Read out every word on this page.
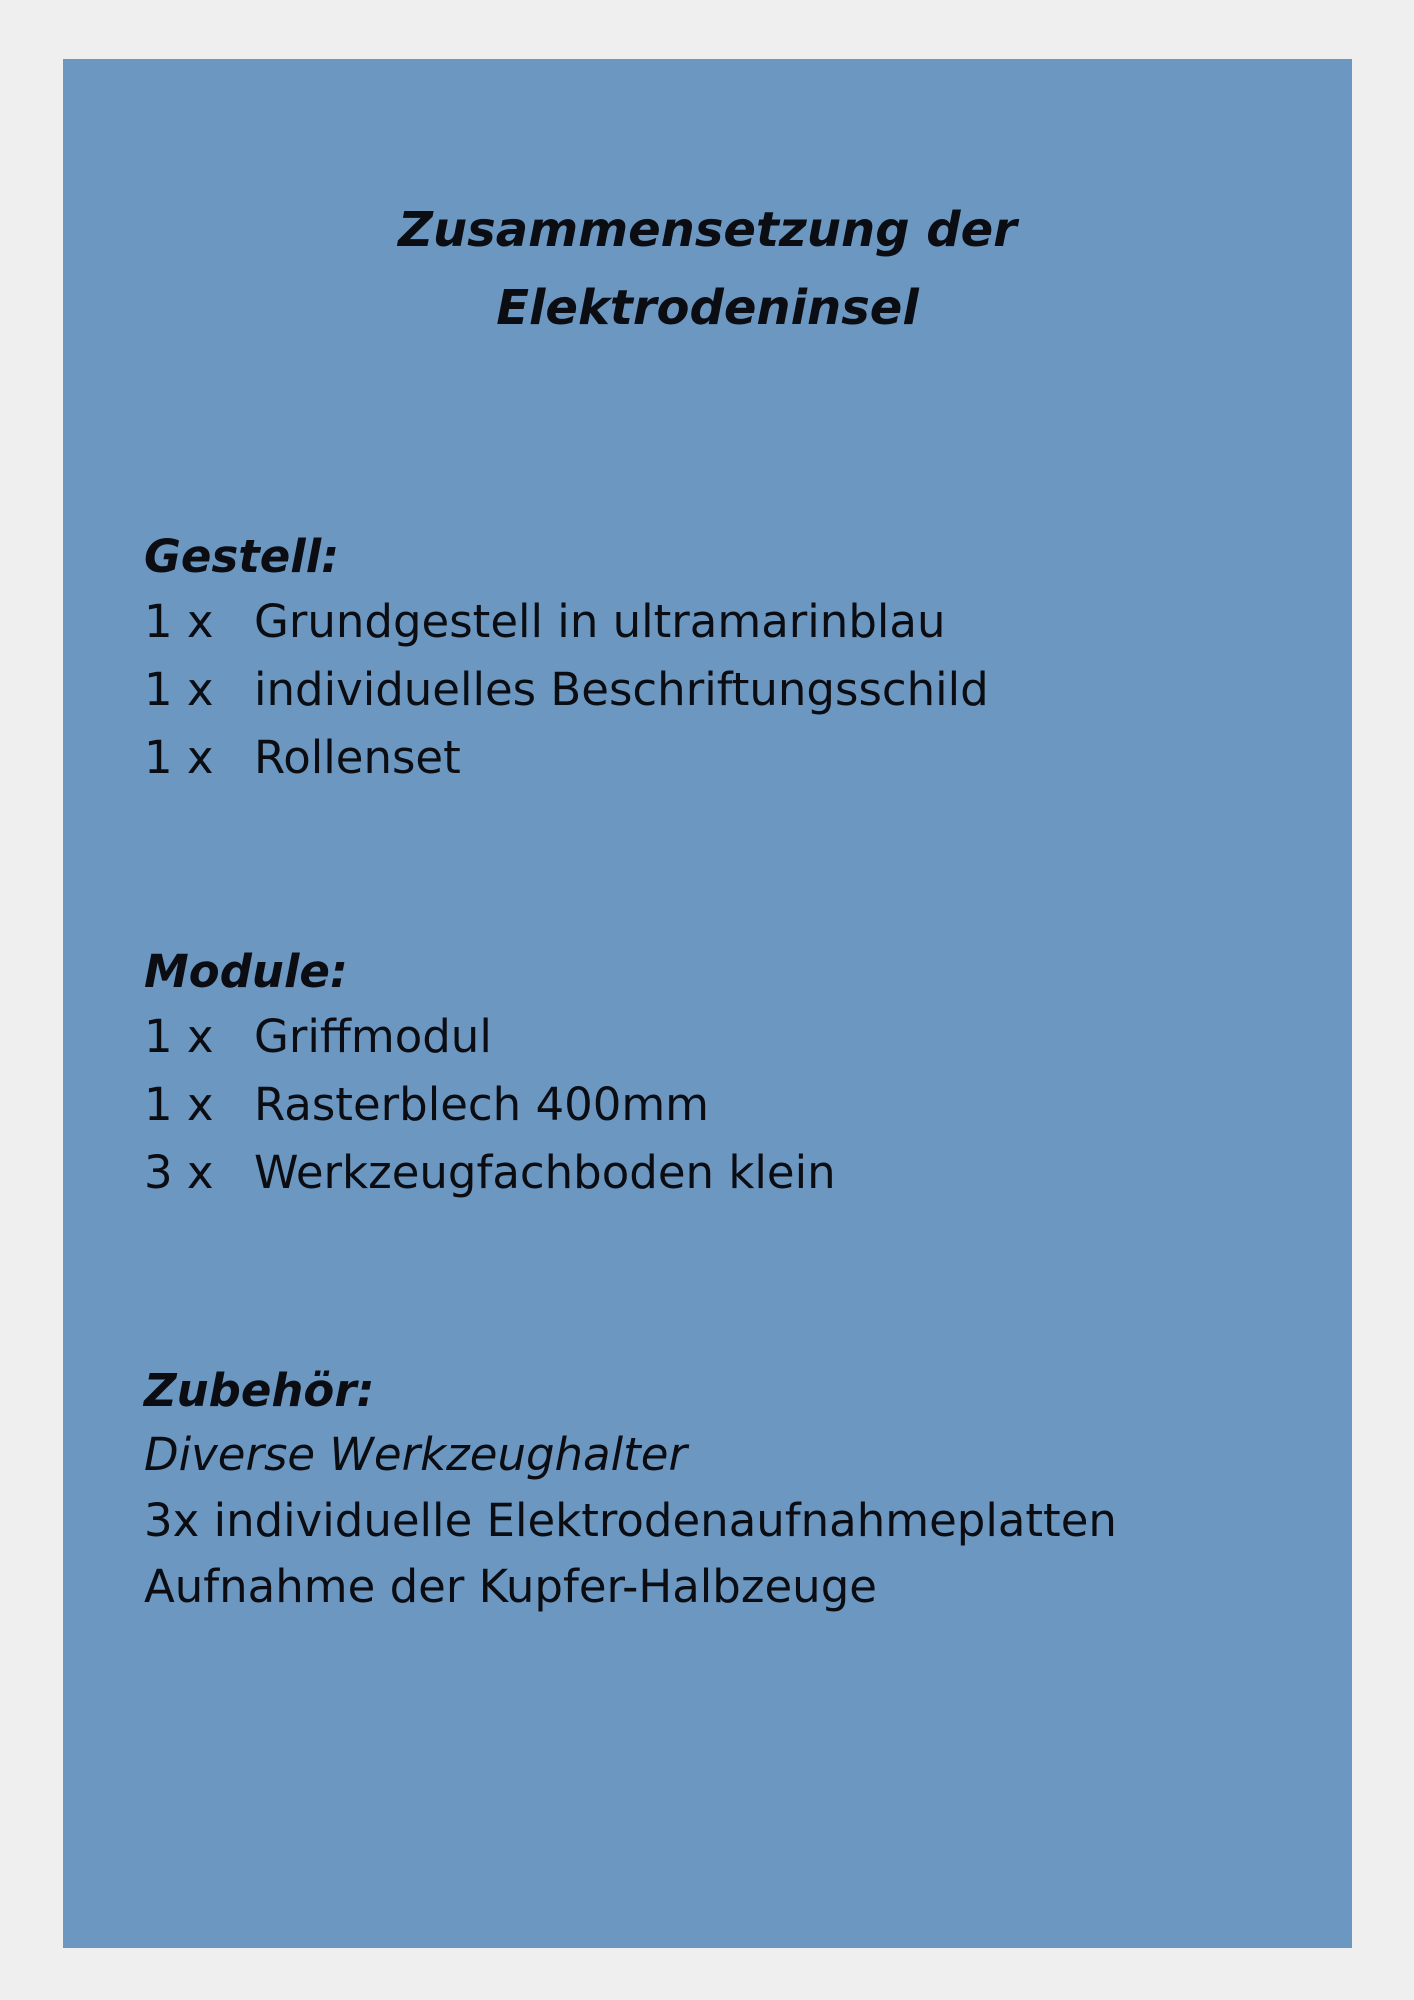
Zusammensetzung der
Elektrodeninsel
Gestell:
1 x Grundgestell in ultramarinblau
1 x individuelles Beschriftungsschild
1 x Rollenset
Module:
1 x Griffmodul
1 x Rasterblech 400mm
3 x Werkzeugfachboden klein
Zubehör:
Diverse Werkzeughalter
3x individuelle Elektrodenaufnahmeplatten
Aufnahme der Kupfer-Halbzeuge
